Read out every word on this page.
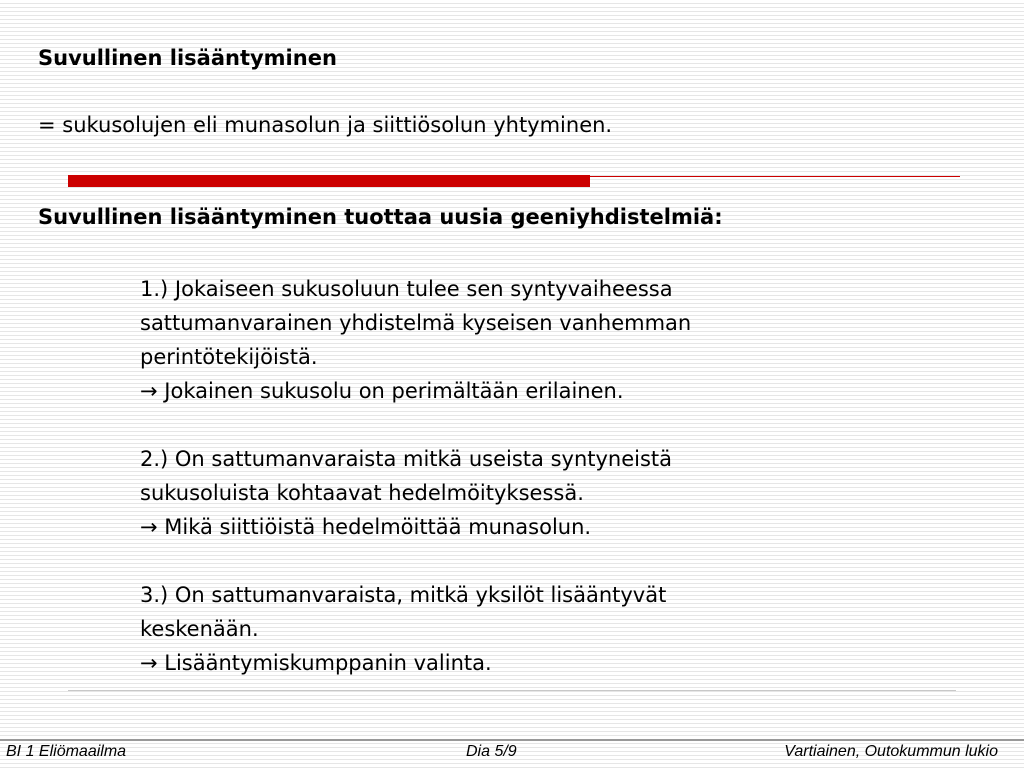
Suvullinen lisääntyminen
= sukusolujen eli munasolun ja siittiösolun yhtyminen.
Suvullinen lisääntyminen tuottaa uusia geeniyhdistelmiä:
1.) Jokaiseen sukusoluun tulee sen syntyvaiheessa
sattumanvarainen yhdistelmä kyseisen vanhemman
perintötekijöistä.
→ Jokainen sukusolu on perimältään erilainen.
2.) On sattumanvaraista mitkä useista syntyneistä
sukusoluista kohtaavat hedelmöityksessä.
→ Mikä siittiöistä hedelmöittää munasolun.
3.) On sattumanvaraista, mitkä yksilöt lisääntyvät
keskenään.
→ Lisääntymiskumppanin valinta.
BI 1 Eliömaailma	Dia 5/9	Vartiainen, Outokummun lukio
